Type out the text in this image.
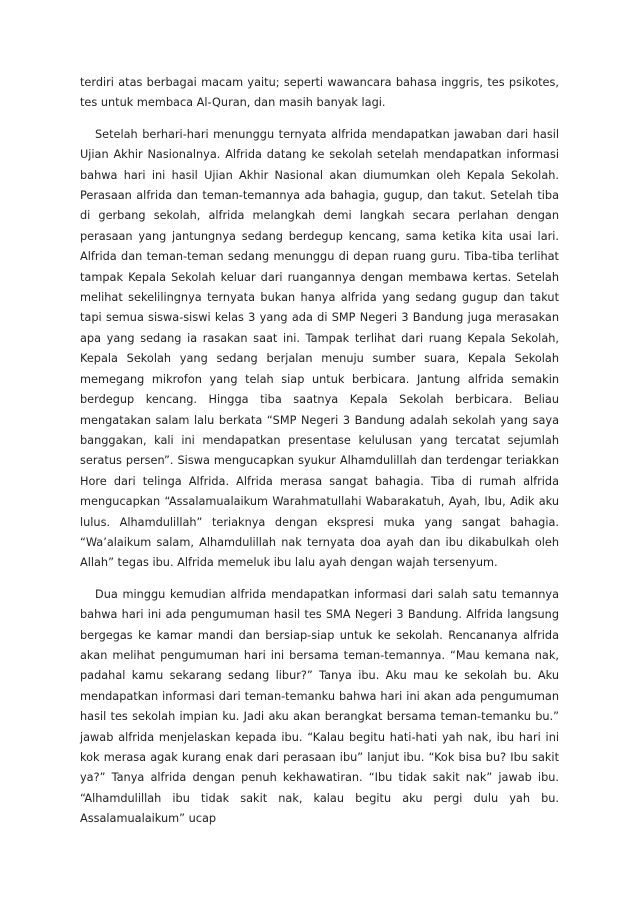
terdiri atas berbagai macam yaitu; seperti wawancara bahasa inggris, tes psikotes, tes untuk membaca Al-Quran, dan masih banyak lagi.

Setelah berhari-hari menunggu ternyata alfrida mendapatkan jawaban dari hasil Ujian Akhir Nasionalnya. Alfrida datang ke sekolah setelah mendapatkan informasi bahwa hari ini hasil Ujian Akhir Nasional akan diumumkan oleh Kepala Sekolah. Perasaan alfrida dan teman-temannya ada bahagia, gugup, dan takut. Setelah tiba di gerbang sekolah, alfrida melangkah demi langkah secara perlahan dengan perasaan yang jantungnya sedang berdegup kencang, sama ketika kita usai lari. Alfrida dan teman-teman sedang menunggu di depan ruang guru. Tiba-tiba terlihat tampak Kepala Sekolah keluar dari ruangannya dengan membawa kertas. Setelah melihat sekelilingnya ternyata bukan hanya alfrida yang sedang gugup dan takut tapi semua siswa-siswi kelas 3 yang ada di SMP Negeri 3 Bandung juga merasakan apa yang sedang ia rasakan saat ini. Tampak terlihat dari ruang Kepala Sekolah, Kepala Sekolah yang sedang berjalan menuju sumber suara, Kepala Sekolah memegang mikrofon yang telah siap untuk berbicara. Jantung alfrida semakin berdegup kencang. Hingga tiba saatnya Kepala Sekolah berbicara. Beliau mengatakan salam lalu berkata “SMP Negeri 3 Bandung adalah sekolah yang saya banggakan, kali ini mendapatkan presentase kelulusan yang tercatat sejumlah seratus persen”. Siswa mengucapkan syukur Alhamdulillah dan terdengar teriakkan Hore dari telinga Alfrida. Alfrida merasa sangat bahagia. Tiba di rumah alfrida mengucapkan “Assalamualaikum Warahmatullahi Wabarakatuh, Ayah, Ibu, Adik aku lulus. Alhamdulillah” teriaknya dengan ekspresi muka yang sangat bahagia. “Wa’alaikum salam, Alhamdulillah nak ternyata doa ayah dan ibu dikabulkah oleh Allah” tegas ibu. Alfrida memeluk ibu lalu ayah dengan wajah tersenyum.

Dua minggu kemudian alfrida mendapatkan informasi dari salah satu temannya bahwa hari ini ada pengumuman hasil tes SMA Negeri 3 Bandung. Alfrida langsung bergegas ke kamar mandi dan bersiap-siap untuk ke sekolah. Rencananya alfrida akan melihat pengumuman hari ini bersama teman-temannya. “Mau kemana nak, padahal kamu sekarang sedang libur?” Tanya ibu. Aku mau ke sekolah bu. Aku mendapatkan informasi dari teman-temanku bahwa hari ini akan ada pengumuman hasil tes sekolah impian ku. Jadi aku akan berangkat bersama teman-temanku bu.” jawab alfrida menjelaskan kepada ibu. “Kalau begitu hati-hati yah nak, ibu hari ini kok merasa agak kurang enak dari perasaan ibu” lanjut ibu. “Kok bisa bu? Ibu sakit ya?” Tanya alfrida dengan penuh kekhawatiran. “Ibu tidak sakit nak” jawab ibu. “Alhamdulillah ibu tidak sakit nak, kalau begitu aku pergi dulu yah bu. Assalamualaikum” ucap
